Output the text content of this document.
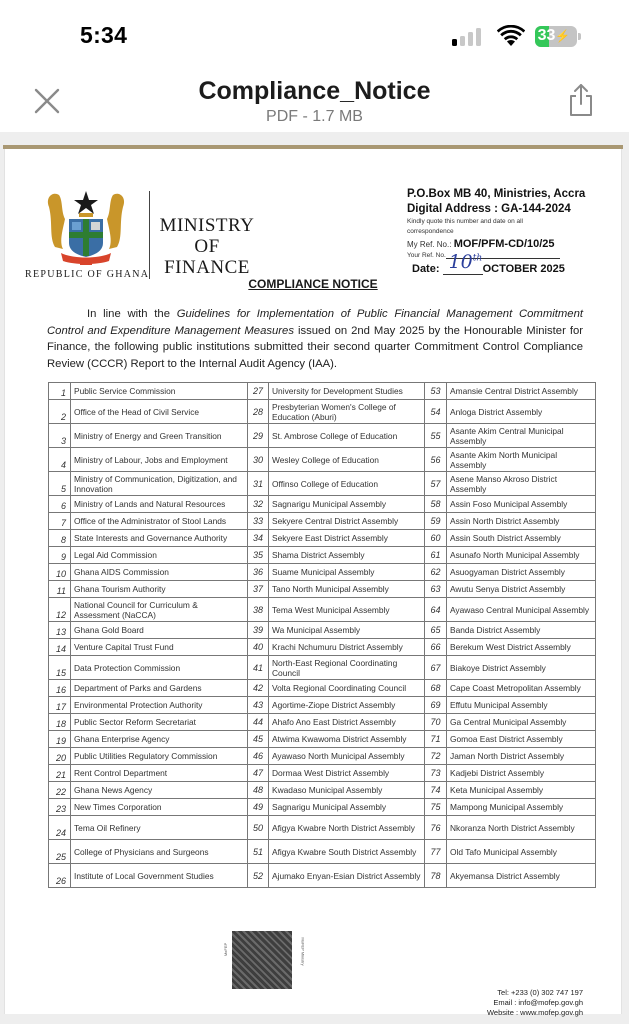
5:34	33⚡
Compliance_Notice
PDF - 1.7 MB
REPUBLIC OF GHANA
MINISTRY
OF
FINANCE
P.O.Box MB 40, Ministries, Accra
Digital Address : GA-144-2024
Kindly quote this number and date on all
correspondence
My Ref. No.: MOF/PFM-CD/10/25
Your Ref. No.
Date: 10th
OCTOBER 2025
COMPLIANCE NOTICE
In line with the Guidelines for Implementation of Public Financial Management Commitment Control and Expenditure Management Measures issued on 2nd May 2025 by the Honourable Minister for Finance, the following public institutions submitted their second quarter Commitment Control Compliance Review (CCCR) Report to the Internal Audit Agency (IAA).
1	Public Service Commission	27	University for Development Studies	53	Amansie Central District Assembly
2	Office of the Head of Civil Service	28	Presbyterian Women's College of Education (Aburi)	54	Anloga District Assembly
3	Ministry of Energy and Green Transition	29	St. Ambrose College of Education	55	Asante Akim Central Municipal Assembly
4	Ministry of Labour, Jobs and Employment	30	Wesley College of Education	56	Asante Akim North Municipal Assembly
5	Ministry of Communication, Digitization, and Innovation	31	Offinso College of Education	57	Asene Manso Akroso District Assembly
6	Ministry of Lands and Natural Resources	32	Sagnarigu Municipal Assembly	58	Assin Foso Municipal Assembly
7	Office of the Administrator of Stool Lands	33	Sekyere Central District Assembly	59	Assin North District Assembly
8	State Interests and Governance Authority	34	Sekyere East District Assembly	60	Assin South District Assembly
9	Legal Aid Commission	35	Shama District Assembly	61	Asunafo North Municipal Assembly
10	Ghana AIDS Commission	36	Suame Municipal Assembly	62	Asuogyaman District Assembly
11	Ghana Tourism Authority	37	Tano North Municipal Assembly	63	Awutu Senya District Assembly
12	National Council for Curriculum & Assessment (NaCCA)	38	Tema West Municipal Assembly	64	Ayawaso Central Municipal Assembly
13	Ghana Gold Board	39	Wa Municipal Assembly	65	Banda District Assembly
14	Venture Capital Trust Fund	40	Krachi Nchumuru District Assembly	66	Berekum West District Assembly
15	Data Protection Commission	41	North-East Regional Coordinating Council	67	Biakoye District Assembly
16	Department of Parks and Gardens	42	Volta Regional Coordinating Council	68	Cape Coast Metropolitan Assembly
17	Environmental Protection Authority	43	Agortime-Ziope District Assembly	69	Effutu Municipal Assembly
18	Public Sector Reform Secretariat	44	Ahafo Ano East District Assembly	70	Ga Central Municipal Assembly
19	Ghana Enterprise Agency	45	Atwima Kwawoma District Assembly	71	Gomoa East District Assembly
20	Public Utilities Regulatory Commission	46	Ayawaso North Municipal Assembly	72	Jaman North District Assembly
21	Rent Control Department	47	Dormaa West District Assembly	73	Kadjebi District Assembly
22	Ghana News Agency	48	Kwadaso Municipal Assembly	74	Keta Municipal Assembly
23	New Times Corporation	49	Sagnarigu Municipal Assembly	75	Mampong Municipal Assembly
24	Tema Oil Refinery	50	Afigya Kwabre North District Assembly	76	Nkoranza North District Assembly
25	College of Physicians and Surgeons	51	Afigya Kwabre South District Assembly	77	Old Tafo Municipal Assembly
26	Institute of Local Government Studies	52	Ajumako Enyan-Esian District Assembly	78	Akyemansa District Assembly
MoFEP	MoFEP Ministry
Tel: +233 (0) 302 747 197
Email : info@mofep.gov.gh
Website : www.mofep.gov.gh
